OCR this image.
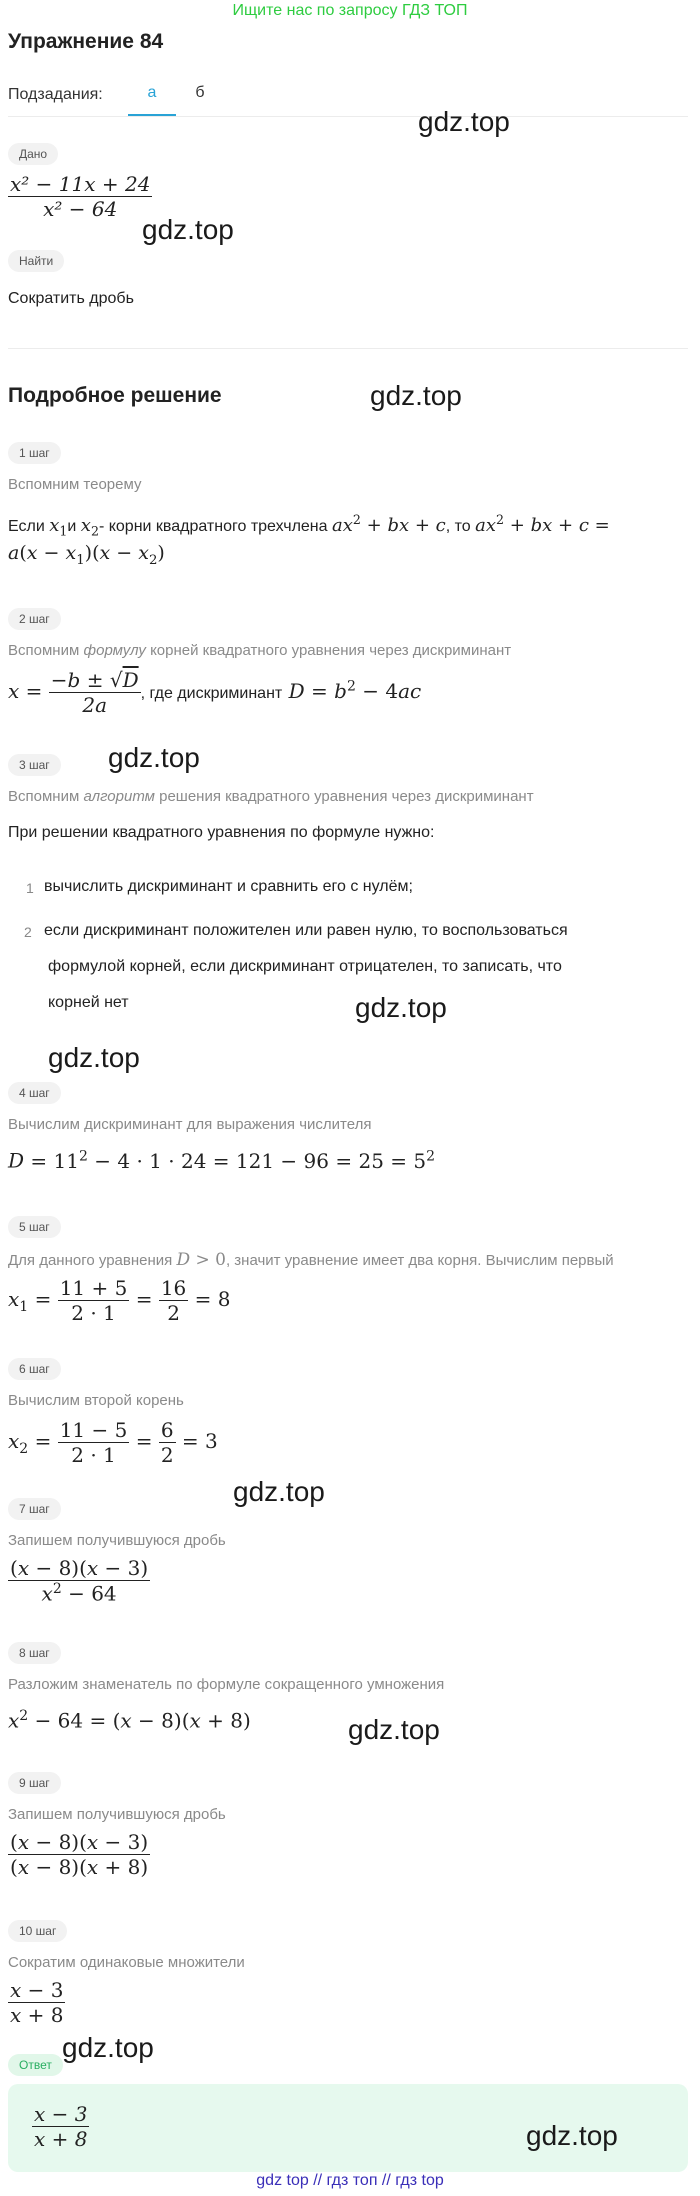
Ищите нас по запросу ГДЗ ТОП
Упражнение 84
Подзадания:	а	б
gdz.top
Дано
$\frac{\text{x² − 11x + 24}}{\text{x² − 64}}$
gdz.top
Найти
Сократить дробь
Подробное решение	gdz.top
1 шаг
Вспомним теорему
Если $x_1и$ $x_2-$ корни квадратного трехчлена $ax^2$ + bx + c, то $ax^2$ + bx + c =
$a(x - x_1)(x - x_2)$
2 шаг
Вспомним формулу корней квадратного уравнения через дискриминант
$x = \frac{-b \pm √D}{2a}$ , где дискриминант $D = b^2 - 4ac$
3 шаг	gdz.top
Вспомним алгоритм решения квадратного уравнения через дискриминант
При решении квадратного уравнения по формуле нужно:
1 вычислить дискриминант и сравнить его с нулём;
2 если дискриминант положителен или равен нулю, то воспользоваться
формулой корней, если дискриминант отрицателен, то записать, что
корней нет	gdz.top
gdz.top
4 шаг
Вычислим дискриминант для выражения числителя
$D = 11^2 - 4 \cdot 1 \cdot 24 = 121 - 96 = 25 = 5^2$
5 шаг
Для данного уравнения D > 0, значит уравнение имеет два корня. Вычислим первый
$x_1 = \frac{11 + 5}{2 \cdot 1} = \frac{16}{2} = 8$
6 шаг
Вычислим второй корень
$x_2 = \frac{11 - 5}{2 \cdot 1} = \frac{6}{2} = 3$
gdz.top
7 шаг
Запишем получившуюся дробь
$\frac{(x - 8)(x - 3)}{x^2 - 64}$
8 шаг
Разложим знаменатель по формуле сокращенного умножения
$x^2 - 64 = (x - 8)(x + 8)$	gdz.top
9 шаг
Запишем получившуюся дробь
$\frac{(x - 8)(x - 3)}{(x - 8)(x + 8)}$
10 шаг
Сократим одинаковые множители
$\frac{x - 3}{x + 8}$
Ответ
gdz.top
$\frac{x - 3}{x + 8}$	gdz.top
gdz top // гдз топ // гдз top
